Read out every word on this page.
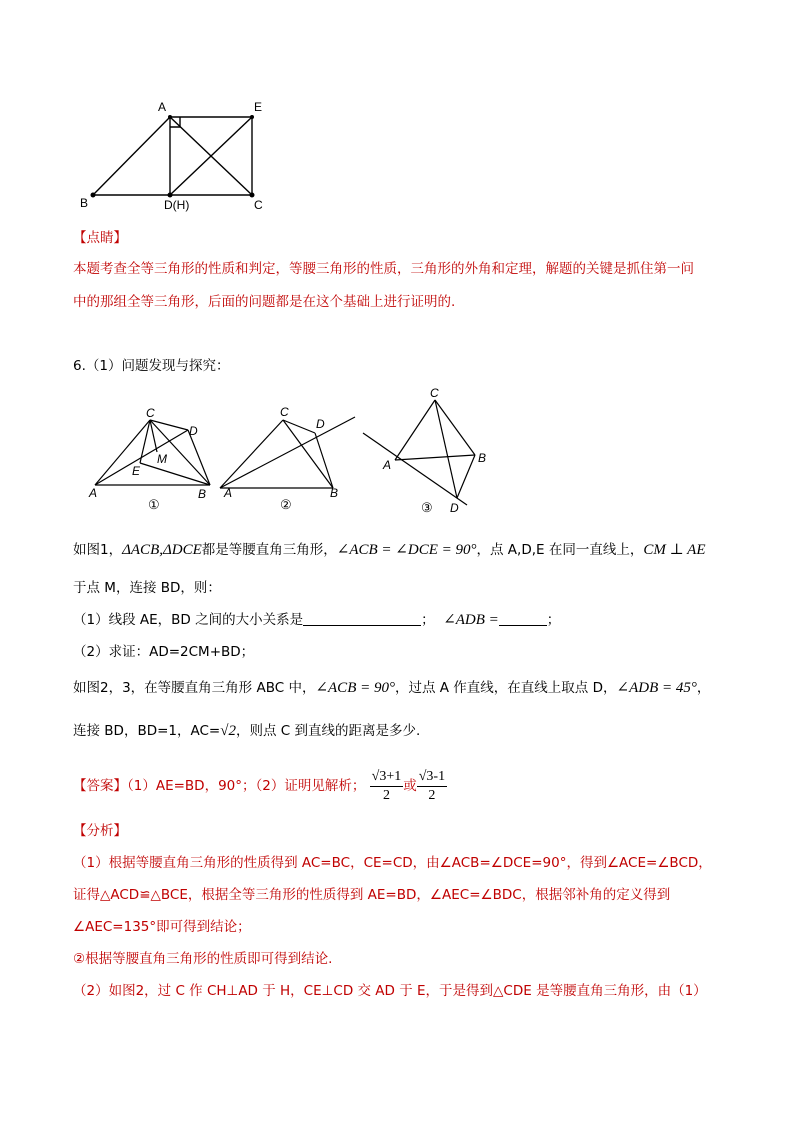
A	E
B	D(H)	C
【点睛】
本题考查全等三角形的性质和判定，等腰三角形的性质，三角形的外角和定理，解题的关键是抓住第一问
中的那组全等三角形，后面的问题都是在这个基础上进行证明的.
6.（1）问题发现与探究：
C
D
E
M
A	B
C
D
A	B
C
A	B
D
①	②	③
如图1，ΔACB,ΔDCE都是等腰直角三角形，∠ACB = ∠DCE = 90°，点 A,D,E 在同一直线上，CM ⊥ AE
于点 M，连接 BD，则：
（1）线段 AE，BD 之间的大小关系是	； ∠ADB =	；
（2）求证：AD=2CM+BD；
如图2，3，在等腰直角三角形 ABC 中，∠ACB = 90°，过点 A 作直线，在直线上取点 D，∠ADB = 45°，
连接 BD，BD=1，AC=√2，则点 C 到直线的距离是多少.
【答案】（1）AE=BD，90°；（2）证明见解析； $\frac{√3+1}{2}$ 或 $\frac{√3-1}{2}$
【分析】
（1）根据等腰直角三角形的性质得到 AC=BC，CE=CD，由∠ACB=∠DCE=90°，得到∠ACE=∠BCD，
证得△ACD≌△BCE，根据全等三角形的性质得到 AE=BD，∠AEC=∠BDC，根据邻补角的定义得到
∠AEC=135°即可得到结论；
②根据等腰直角三角形的性质即可得到结论.
（2）如图2，过 C 作 CH⊥AD 于 H，CE⊥CD 交 AD 于 E，于是得到△CDE 是等腰直角三角形，由（1）
